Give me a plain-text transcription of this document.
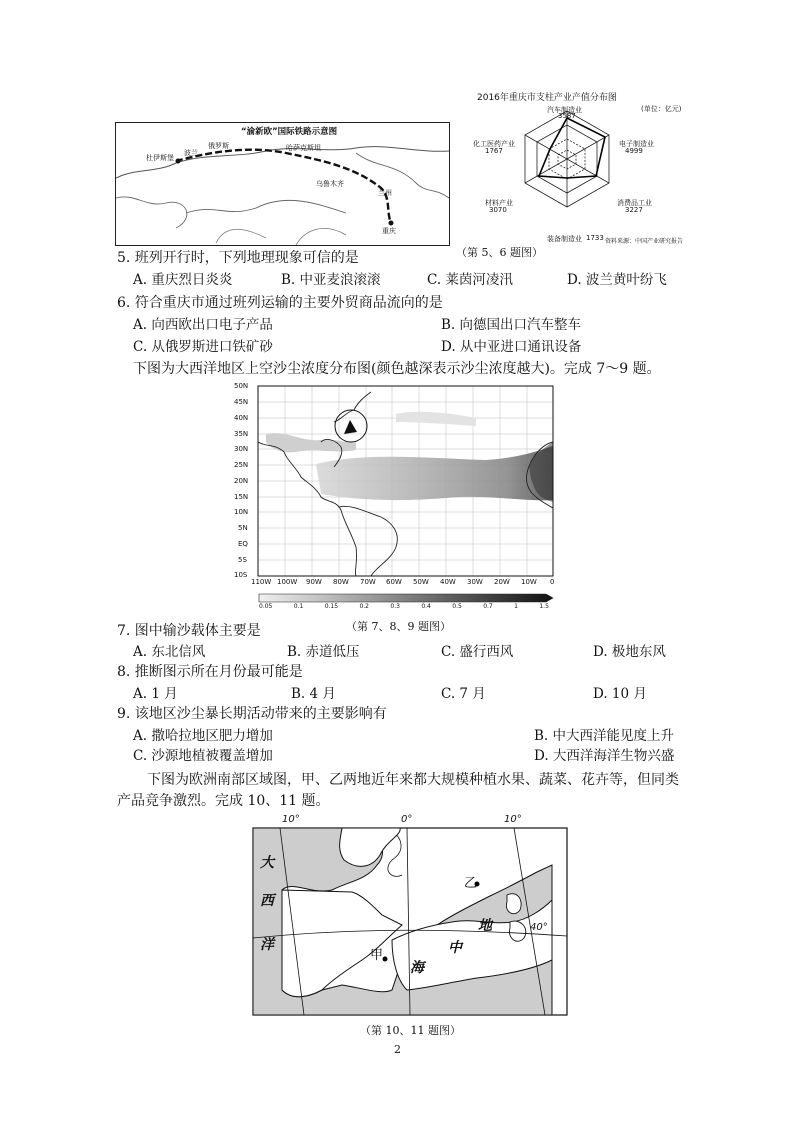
“渝新欧”国际铁路示意图
杜伊斯堡
波兰
俄罗斯	哈萨克斯坦
乌鲁木齐
兰州
重庆
2016年重庆市支柱产业产值分布图
(单位：亿元)
汽车制造业
3587
电子制造业
4999
消费品工业
3227
装备制造业 1733
材料产业
3070
化工医药产业
1767
资料来源：中国产业研究报告
（第 5、6 题图）
5. 班列开行时，下列地理现象可信的是
A. 重庆烈日炎炎	B. 中亚麦浪滚滚	C. 莱茵河凌汛	D. 波兰黄叶纷飞
6. 符合重庆市通过班列运输的主要外贸商品流向的是
A. 向西欧出口电子产品	B. 向德国出口汽车整车
C. 从俄罗斯进口铁矿砂	D. 从中亚进口通讯设备
下图为大西洋地区上空沙尘浓度分布图(颜色越深表示沙尘浓度越大)。完成 7～9 题。
50N
45N
40N
35N
30N
25N
20N
15N
10N
5N
EQ
5S
10S
110W 100W 90W 80W 70W 60W 50W 40W 30W 20W 10W 0
0.05	0.1	0.15	0.2	0.3	0.4	0.5	0.7	1	1.5
（第 7、8、9 题图）
7. 图中输沙载体主要是
A. 东北信风	B. 赤道低压	C. 盛行西风	D. 极地东风
8. 推断图示所在月份最可能是
A. 1 月	B. 4 月	C. 7 月	D. 10 月
9. 该地区沙尘暴长期活动带来的主要影响有
A. 撒哈拉地区肥力增加	B. 中大西洋能见度上升
C. 沙源地植被覆盖增加	D. 大西洋海洋生物兴盛
下图为欧洲南部区域图，甲、乙两地近年来都大规模种植水果、蔬菜、花卉等，但同类
产品竞争激烈。完成 10、11 题。
10°	0°	10°
40°
大
西
洋
地
中
海
甲
乙
（第 10、11 题图）
2
